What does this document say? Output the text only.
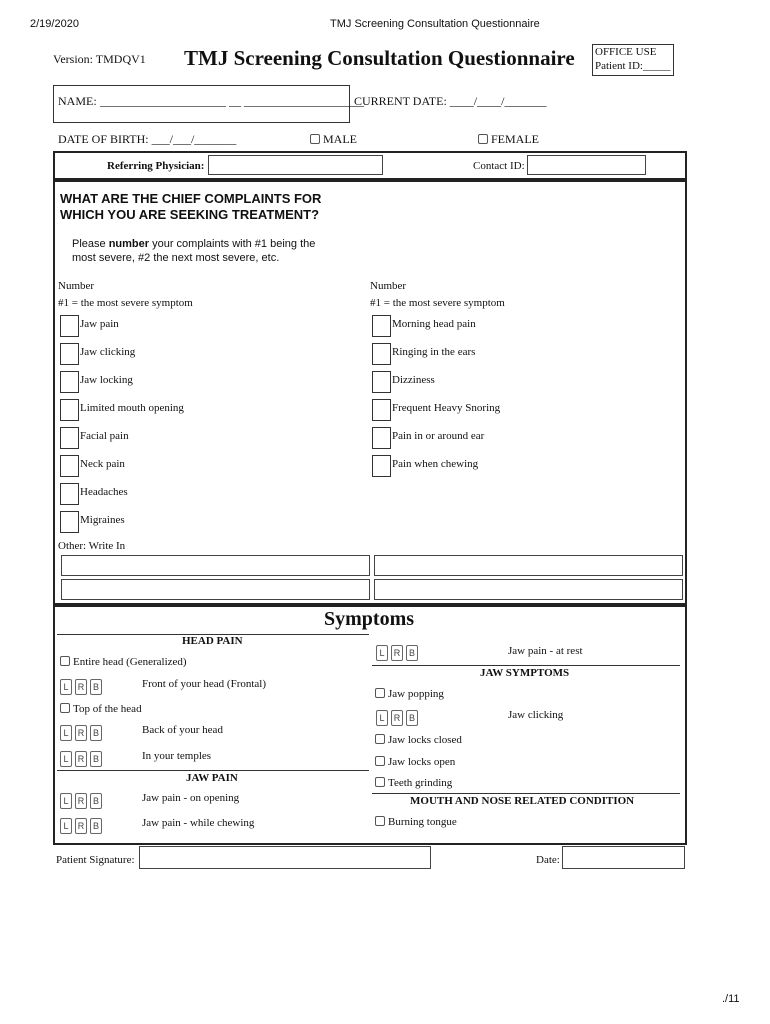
2/19/2020	TMJ Screening Consultation Questionnaire
Version: TMDQV1 TMJ Screening Consultation Questionnaire OFFICE USE
Patient ID:_____
NAME: _____________________ __ ____________________
CURRENT DATE: ____/____/_______
DATE OF BIRTH: ___/___/_______	MALE	FEMALE
Referring Physician:	Contact ID:
WHAT ARE THE CHIEF COMPLAINTS FOR
WHICH YOU ARE SEEKING TREATMENT?
Please number your complaints with #1 being the
most severe, #2 the next most severe, etc.
Number
#1 = the most severe symptom
Number
#1 = the most severe symptom
Jaw pain
Jaw clicking
Jaw locking
Limited mouth opening
Facial pain
Neck pain
Headaches
Migraines
Morning head pain
Ringing in the ears
Dizziness
Frequent Heavy Snoring
Pain in or around ear
Pain when chewing
Other: Write In
Symptoms
HEAD PAIN
Entire head (Generalized)
L R B	Front of your head (Frontal)
Top of the head
L R B	Back of your head
L R B	In your temples
JAW PAIN
L R B	Jaw pain - on opening
L R B	Jaw pain - while chewing
L R B	Jaw pain - at rest
JAW SYMPTOMS
Jaw popping
L R B	Jaw clicking
Jaw locks closed
Jaw locks open
Teeth grinding
MOUTH AND NOSE RELATED CONDITION
Burning tongue
Patient Signature:	Date:
./11
